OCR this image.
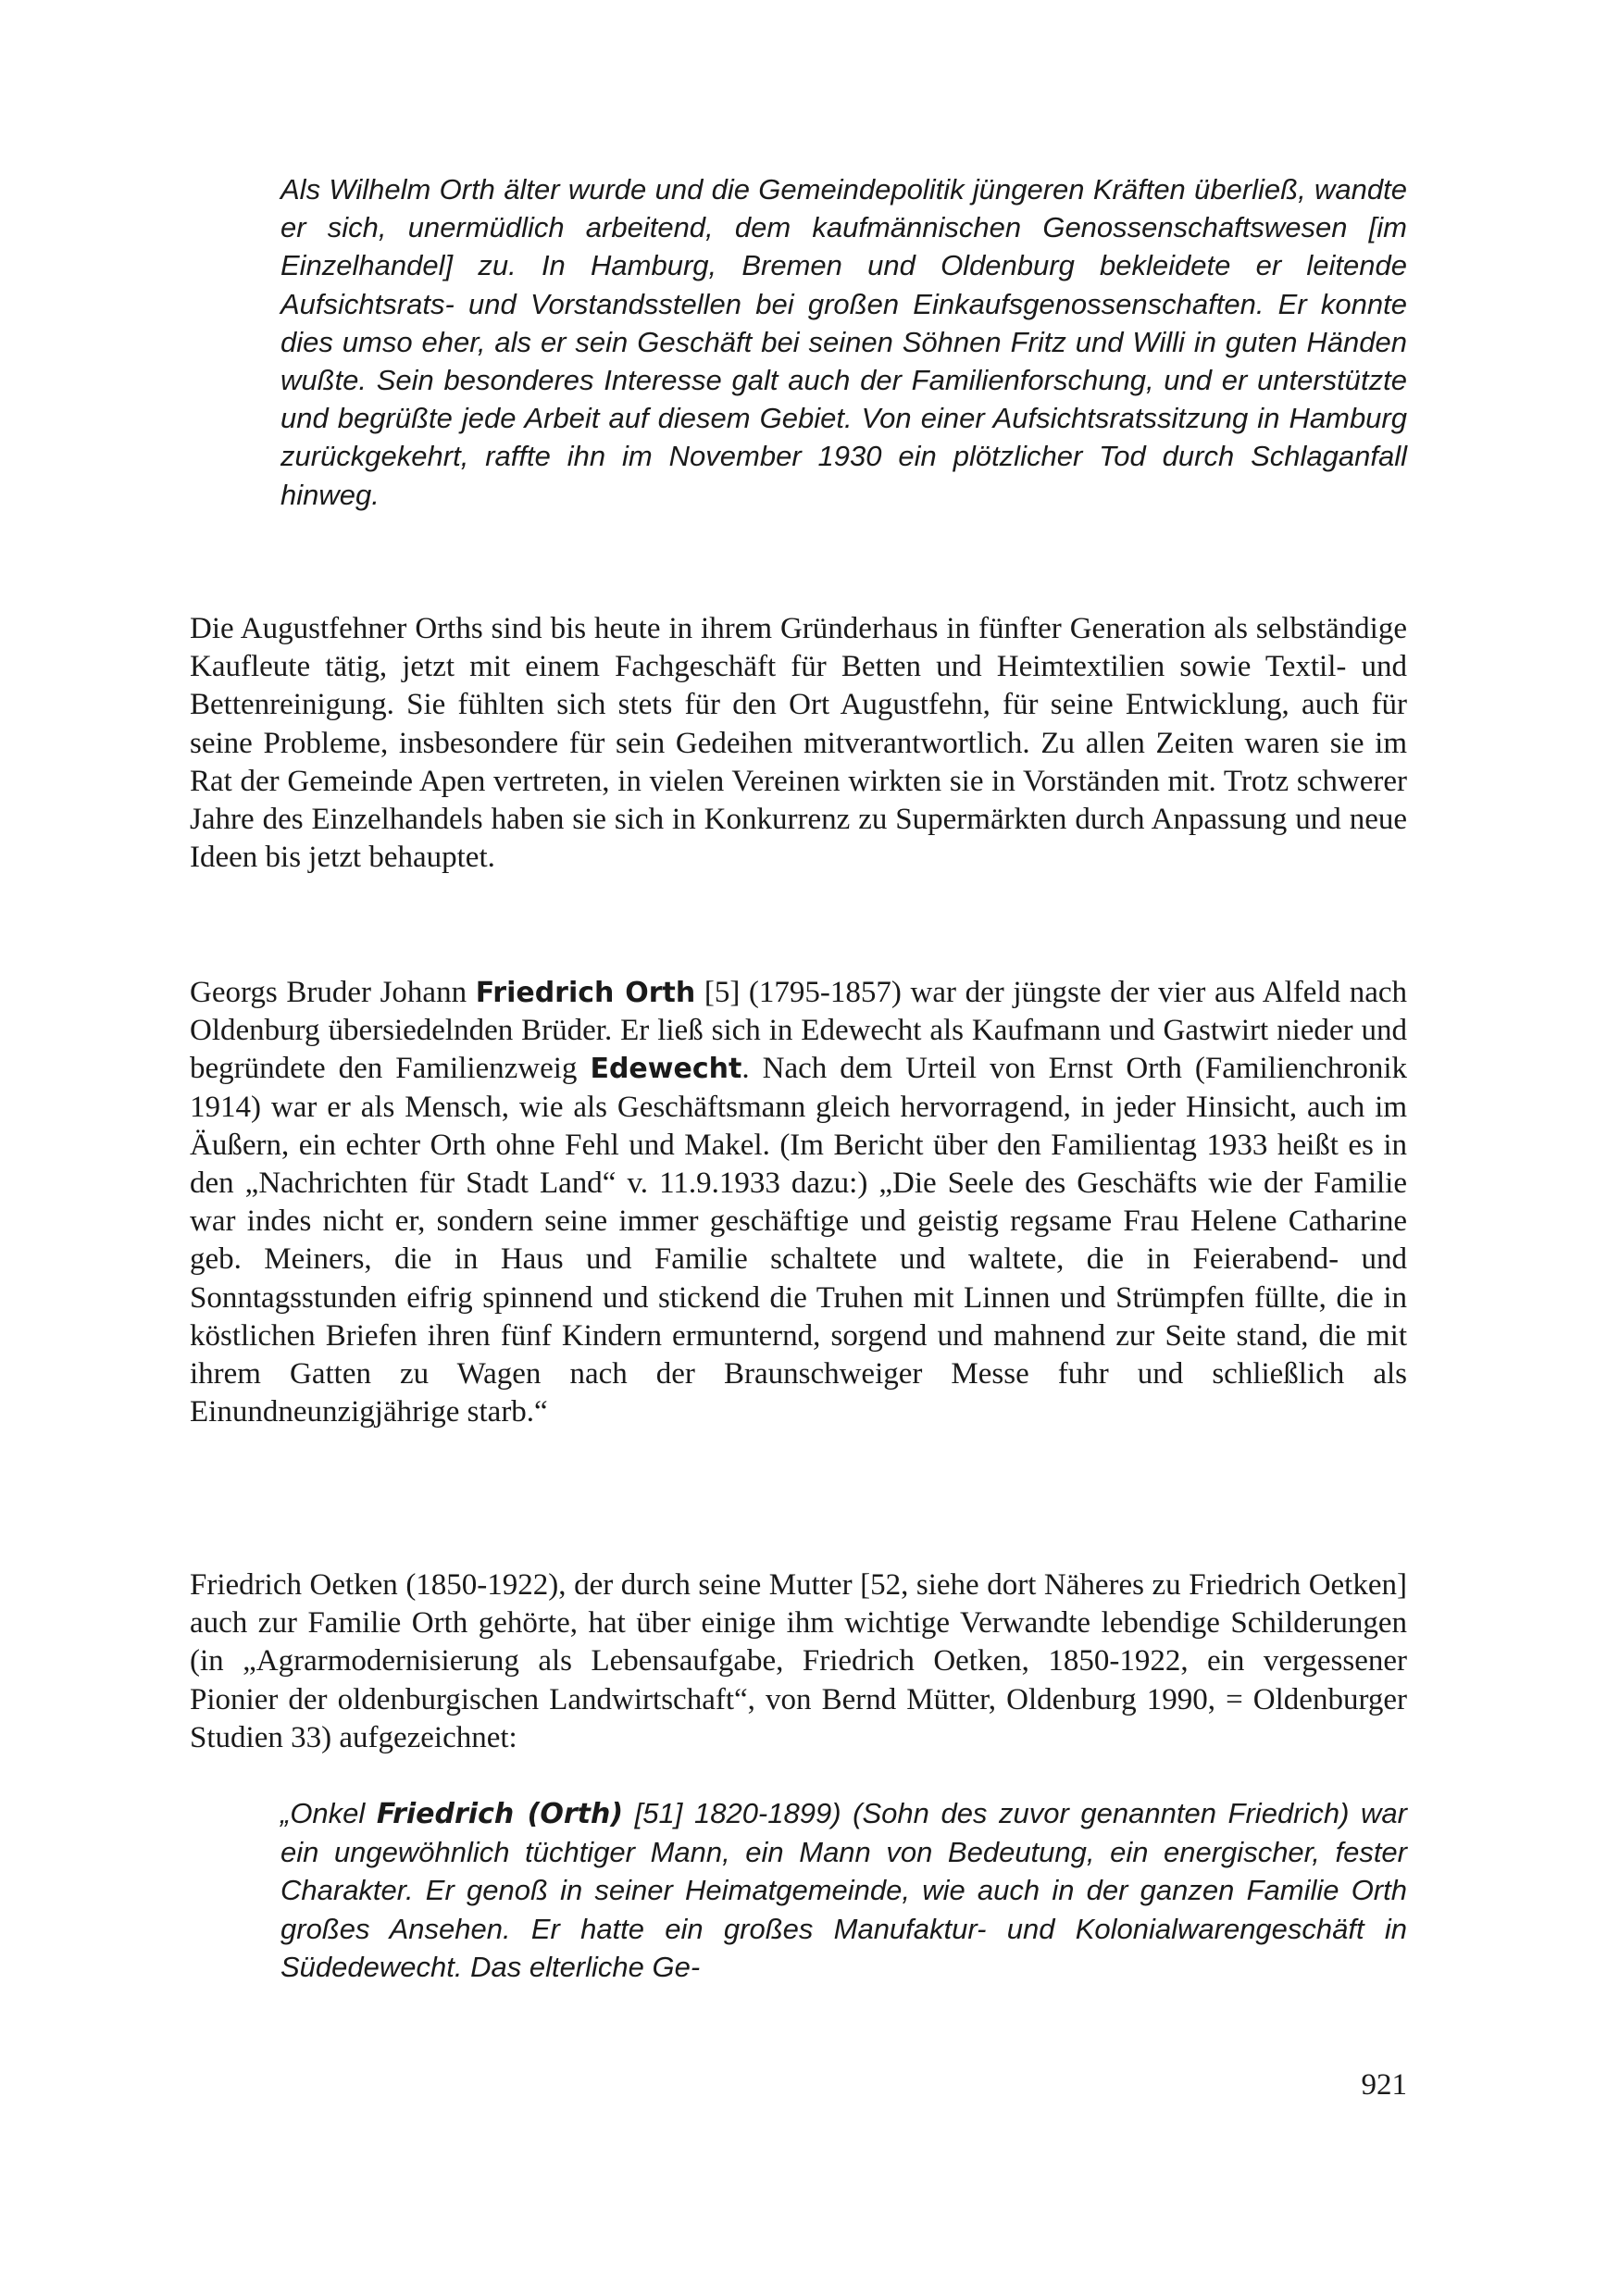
Als Wilhelm Orth älter wurde und die Gemeindepolitik jüngeren Kräften überließ, wandte er sich, unermüdlich arbeitend, dem kaufmännischen Genossenschaftswesen [im Einzelhandel] zu. In Hamburg, Bremen und Oldenburg bekleidete er leitende Aufsichtsrats- und Vorstandsstellen bei großen Einkaufsgenossenschaften. Er konnte dies umso eher, als er sein Geschäft bei seinen Söhnen Fritz und Willi in guten Händen wußte. Sein besonderes Interesse galt auch der Familienforschung, und er unterstützte und begrüßte jede Arbeit auf diesem Gebiet. Von einer Aufsichtsratssitzung in Hamburg zurückgekehrt, raffte ihn im November 1930 ein plötzlicher Tod durch Schlaganfall hinweg.

Die Augustfehner Orths sind bis heute in ihrem Gründerhaus in fünfter Generation als selbständige Kaufleute tätig, jetzt mit einem Fachgeschäft für Betten und Heimtextilien sowie Textil- und Bettenreinigung. Sie fühlten sich stets für den Ort Augustfehn, für seine Entwicklung, auch für seine Probleme, insbesondere für sein Gedeihen mitverantwortlich. Zu allen Zeiten waren sie im Rat der Gemeinde Apen vertreten, in vielen Vereinen wirkten sie in Vorständen mit. Trotz schwerer Jahre des Einzelhandels haben sie sich in Konkurrenz zu Supermärkten durch Anpassung und neue Ideen bis jetzt behauptet.

Georgs Bruder Johann Friedrich Orth [5] (1795-1857) war der jüngste der vier aus Alfeld nach Oldenburg übersiedelnden Brüder. Er ließ sich in Edewecht als Kaufmann und Gastwirt nieder und begründete den Familienzweig Edewecht. Nach dem Urteil von Ernst Orth (Familienchronik 1914) war er als Mensch, wie als Geschäftsmann gleich hervorragend, in jeder Hinsicht, auch im Äußern, ein echter Orth ohne Fehl und Makel. (Im Bericht über den Familientag 1933 heißt es in den „Nachrichten für Stadt Land“ v. 11.9.1933 dazu:) „Die Seele des Geschäfts wie der Familie war indes nicht er, sondern seine immer geschäftige und geistig regsame Frau Helene Catharine geb. Meiners, die in Haus und Familie schaltete und waltete, die in Feierabend- und Sonntagsstunden eifrig spinnend und stickend die Truhen mit Linnen und Strümpfen füllte, die in köstlichen Briefen ihren fünf Kindern ermunternd, sorgend und mahnend zur Seite stand, die mit ihrem Gatten zu Wagen nach der Braunschweiger Messe fuhr und schließlich als Einundneunzigjährige starb.“

Friedrich Oetken (1850-1922), der durch seine Mutter [52, siehe dort Näheres zu Friedrich Oetken] auch zur Familie Orth gehörte, hat über einige ihm wichtige Verwandte lebendige Schilderungen (in „Agrarmodernisierung als Lebensaufgabe, Friedrich Oetken, 1850-1922, ein vergessener Pionier der oldenburgischen Landwirtschaft“, von Bernd Mütter, Oldenburg 1990, = Oldenburger Studien 33) aufgezeichnet:

„Onkel Friedrich (Orth) [51] 1820-1899) (Sohn des zuvor genannten Friedrich) war ein ungewöhnlich tüchtiger Mann, ein Mann von Bedeutung, ein energischer, fester Charakter. Er genoß in seiner Heimatgemeinde, wie auch in der ganzen Familie Orth großes Ansehen. Er hatte ein großes Manufaktur- und Kolonialwarengeschäft in Südedewecht. Das elterliche Ge-

921
